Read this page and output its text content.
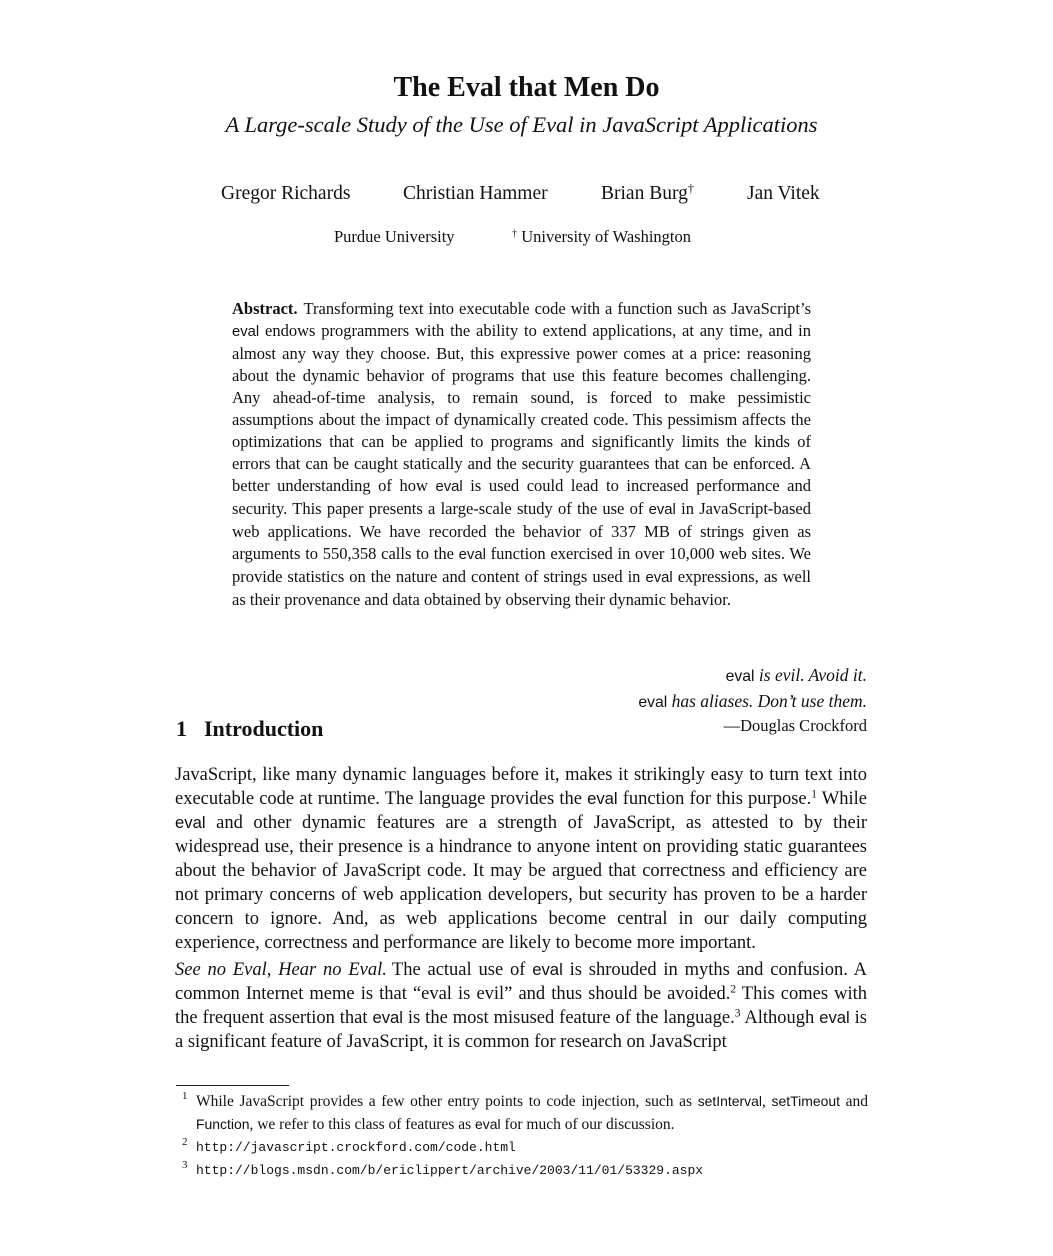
The Eval that Men Do
A Large-scale Study of the Use of Eval in JavaScript Applications
Gregor Richards	Christian Hammer	Brian Burg†	Jan Vitek
Purdue University	† University of Washington
Abstract. Transforming text into executable code with a function such as JavaScript’s eval endows programmers with the ability to extend applications, at any time, and in almost any way they choose. But, this expressive power comes at a price: reasoning about the dynamic behavior of programs that use this feature becomes challenging. Any ahead-of-time analysis, to remain sound, is forced to make pessimistic assumptions about the impact of dynamically created code. This pessimism affects the optimizations that can be applied to programs and significantly limits the kinds of errors that can be caught statically and the security guarantees that can be enforced. A better understanding of how eval is used could lead to increased performance and security. This paper presents a large-scale study of the use of eval in JavaScript-based web applications. We have recorded the behavior of 337 MB of strings given as arguments to 550,358 calls to the eval function exercised in over 10,000 web sites. We provide statistics on the nature and content of strings used in eval expressions, as well as their provenance and data obtained by observing their dynamic behavior.
eval is evil. Avoid it.
eval has aliases. Don’t use them.
—Douglas Crockford
1 Introduction

JavaScript, like many dynamic languages before it, makes it strikingly easy to turn text into executable code at runtime. The language provides the eval function for this purpose.$^1$ While eval and other dynamic features are a strength of JavaScript, as attested to by their widespread use, their presence is a hindrance to anyone intent on providing static guarantees about the behavior of JavaScript code. It may be argued that correctness and efficiency are not primary concerns of web application developers, but security has proven to be a harder concern to ignore. And, as web applications become central in our daily computing experience, correctness and performance are likely to become more important.

See no Eval, Hear no Eval. The actual use of eval is shrouded in myths and confusion. A common Internet meme is that “eval is evil” and thus should be avoided.$^2$ This comes with the frequent assertion that eval is the most misused feature of the language.$^3$ Although eval is a significant feature of JavaScript, it is common for research on JavaScript

1 While JavaScript provides a few other entry points to code injection, such as setInterval, setTimeout and Function, we refer to this class of features as eval for much of our discussion.
2 http://javascript.crockford.com/code.html
3 http://blogs.msdn.com/b/ericlippert/archive/2003/11/01/53329.aspx
